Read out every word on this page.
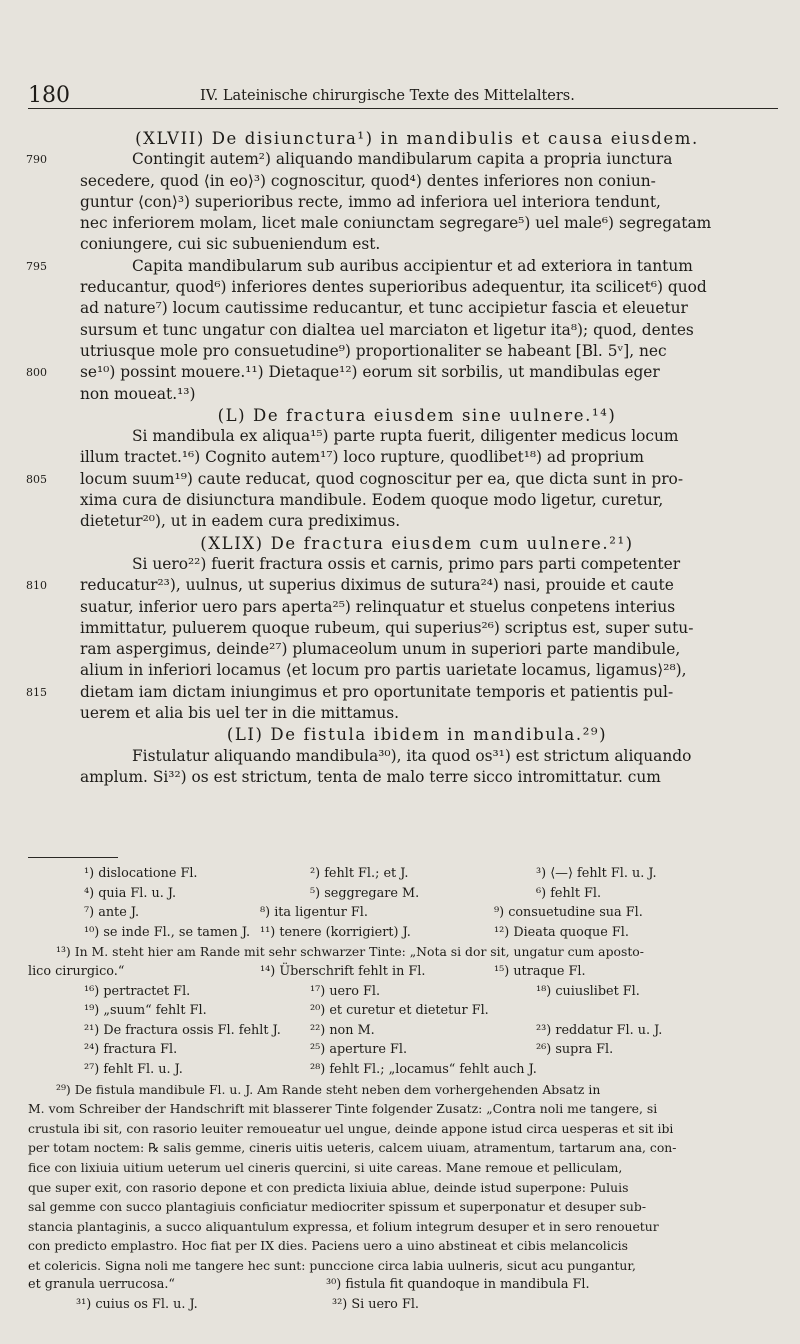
180	IV. Lateinische chirurgische Texte des Mittelalters.
(XLVII) De disiunctura¹) in mandibulis et causa eiusdem.
790	Contingit autem²) aliquando mandibularum capita a propria iunctura
secedere, quod ⟨in eo⟩³) cognoscitur, quod⁴) dentes inferiores non coniun-
guntur ⟨con⟩³) superioribus recte, immo ad inferiora uel interiora tendunt,
nec inferiorem molam, licet male coniunctam segregare⁵) uel male⁶) segregatam
coniungere, cui sic subueniendum est.
795	Capita mandibularum sub auribus accipientur et ad exteriora in tantum
reducantur, quod⁶) inferiores dentes superioribus adequentur, ita scilicet⁶) quod
ad nature⁷) locum cautissime reducantur, et tunc accipietur fascia et eleuetur
sursum et tunc ungatur con dialtea uel marciaton et ligetur ita⁸); quod, dentes
utriusque mole pro consuetudine⁹) proportionaliter se habeant [Bl. 5ᵛ], nec
800 se¹⁰) possint mouere.¹¹) Dietaque¹²) eorum sit sorbilis, ut mandibulas eger
non moueat.¹³)
(L) De fractura eiusdem sine uulnere.¹⁴)
Si mandibula ex aliqua¹⁵) parte rupta fuerit, diligenter medicus locum
illum tractet.¹⁶) Cognito autem¹⁷) loco rupture, quodlibet¹⁸) ad proprium
805 locum suum¹⁹) caute reducat, quod cognoscitur per ea, que dicta sunt in pro-
xima cura de disiunctura mandibule. Eodem quoque modo ligetur, curetur,
dietetur²⁰), ut in eadem cura prediximus.
(XLIX) De fractura eiusdem cum uulnere.²¹)
Si uero²²) fuerit fractura ossis et carnis, primo pars parti competenter
810 reducatur²³), uulnus, ut superius diximus de sutura²⁴) nasi, prouide et caute
suatur, inferior uero pars aperta²⁵) relinquatur et stuelus conpetens interius
immittatur, puluerem quoque rubeum, qui superius²⁶) scriptus est, super sutu-
ram aspergimus, deinde²⁷) plumaceolum unum in superiori parte mandibule,
alium in inferiori locamus ⟨et locum pro partis uarietate locamus, ligamus⟩²⁸),
815 dietam iam dictam iniungimus et pro oportunitate temporis et patientis pul-
uerem et alia bis uel ter in die mittamus.
(LI) De fistula ibidem in mandibula.²⁹)
Fistulatur aliquando mandibula³⁰), ita quod os³¹) est strictum aliquando
amplum. Si³²) os est strictum, tenta de malo terre sicco intromittatur. cum
¹) dislocatione Fl.	²) fehlt Fl.; et J.	³) ⟨—⟩ fehlt Fl. u. J.
⁴) quia Fl. u. J.	⁵) seggregare M.	⁶) fehlt Fl.
⁷) ante J.	⁸) ita ligentur Fl.	⁹) consuetudine sua Fl.
¹⁰) se inde Fl., se tamen J. ¹¹) tenere (korrigiert) J.	¹²) Dieata quoque Fl.
¹³) In M. steht hier am Rande mit sehr schwarzer Tinte: „Nota si dor sit, ungatur cum aposto-
lico cirurgico.“	¹⁴) Überschrift fehlt in Fl.	¹⁵) utraque Fl.
¹⁶) pertractet Fl.	¹⁷) uero Fl.	¹⁸) cuiuslibet Fl.
¹⁹) „suum“ fehlt Fl.	²⁰) et curetur et dietetur Fl.
²¹) De fractura ossis Fl. fehlt J. ²²) non M.	²³) reddatur Fl. u. J.
²⁴) fractura Fl.	²⁵) aperture Fl.	²⁶) supra Fl.
²⁷) fehlt Fl. u. J.	²⁸) fehlt Fl.; „locamus“ fehlt auch J.
²⁹) De fistula mandibule Fl. u. J. Am Rande steht neben dem vorhergehenden Absatz in
M. vom Schreiber der Handschrift mit blasserer Tinte folgender Zusatz: „Contra noli me tangere, si
crustula ibi sit, con rasorio leuiter remoueatur uel ungue, deinde appone istud circa uesperas et sit ibi
per totam noctem: ℞ salis gemme, cineris uitis ueteris, calcem uiuam, atramentum, tartarum ana, con-
fice con lixiuia uitium ueterum uel cineris quercini, si uite careas. Mane remoue et pelliculam,
que super exit, con rasorio depone et con predicta lixiuia ablue, deinde istud superpone: Puluis
sal gemme con succo plantagiuis conficiatur mediocriter spissum et superponatur et desuper sub-
stancia plantaginis, a succo aliquantulum expressa, et folium integrum desuper et in sero renouetur
con predicto emplastro. Hoc fiat per IX dies. Paciens uero a uino abstineat et cibis melancolicis
et colericis. Signa noli me tangere hec sunt: punccione circa labia uulneris, sicut acu pungantur,
et granula uerrucosa.“	³⁰) fistula fit quandoque in mandibula Fl.
³¹) cuius os Fl. u. J.	³²) Si uero Fl.
